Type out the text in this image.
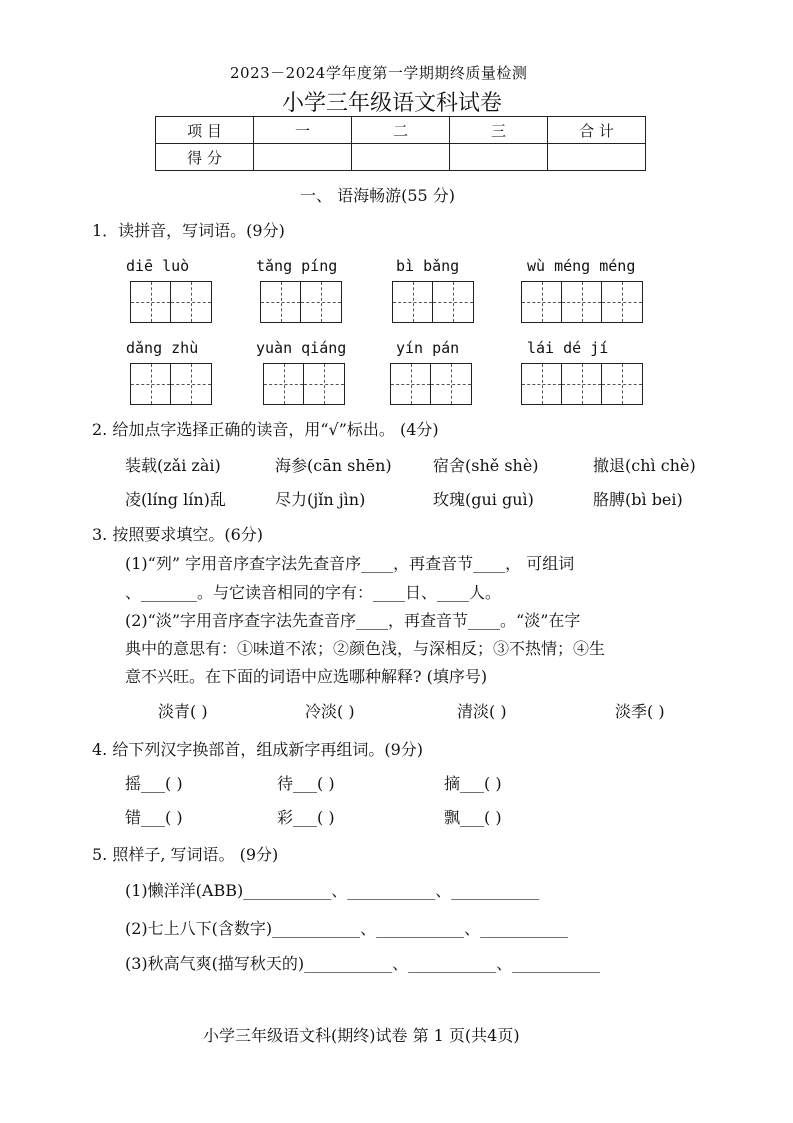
2023－2024学年度第一学期期终质量检测
小学三年级语文科试卷
项 目	一	二	三	合 计
得 分				
一、 语海畅游(55 分)
1．读拼音，写词语。(9分)
diē luò	tǎng píng	bì bǎng	wù méng méng
dǎng zhù	yuàn qiáng	yín pán	lái dé jí
2. 给加点字选择正确的读音，用“√”标出。 (4分)
装载(zǎi zài)	海参(cān shēn)	宿舍(shě shè)	撤退(chì chè)
凌(líng lín)乱	尽力(jǐn jìn)	玫瑰(gui guì)	胳膊(bì bei)
3. 按照要求填空。(6分)
(1)“列” 字用音序查字法先查音序____，再查音节____， 可组词
、_______。与它读音相同的字有：____日、____人。
(2)“淡”字用音序查字法先查音序____，再查音节____。“淡”在字
典中的意思有：①味道不浓；②颜色浅，与深相反；③不热情；④生
意不兴旺。在下面的词语中应选哪种解释? (填序号)
淡青( )	冷淡( )	清淡( )	淡季( )
4. 给下列汉字换部首，组成新字再组词。(9分)
摇___( )	待___( )	摘___( )
错___( )	彩___( )	飘___( )
5. 照样子, 写词语。 (9分)
(1)懒洋洋(ABB)___________、___________、___________
(2)七上八下(含数字)___________、___________、___________
(3)秋高气爽(描写秋天的)___________、___________、___________
小学三年级语文科(期终)试卷 第 1 页(共4页)
